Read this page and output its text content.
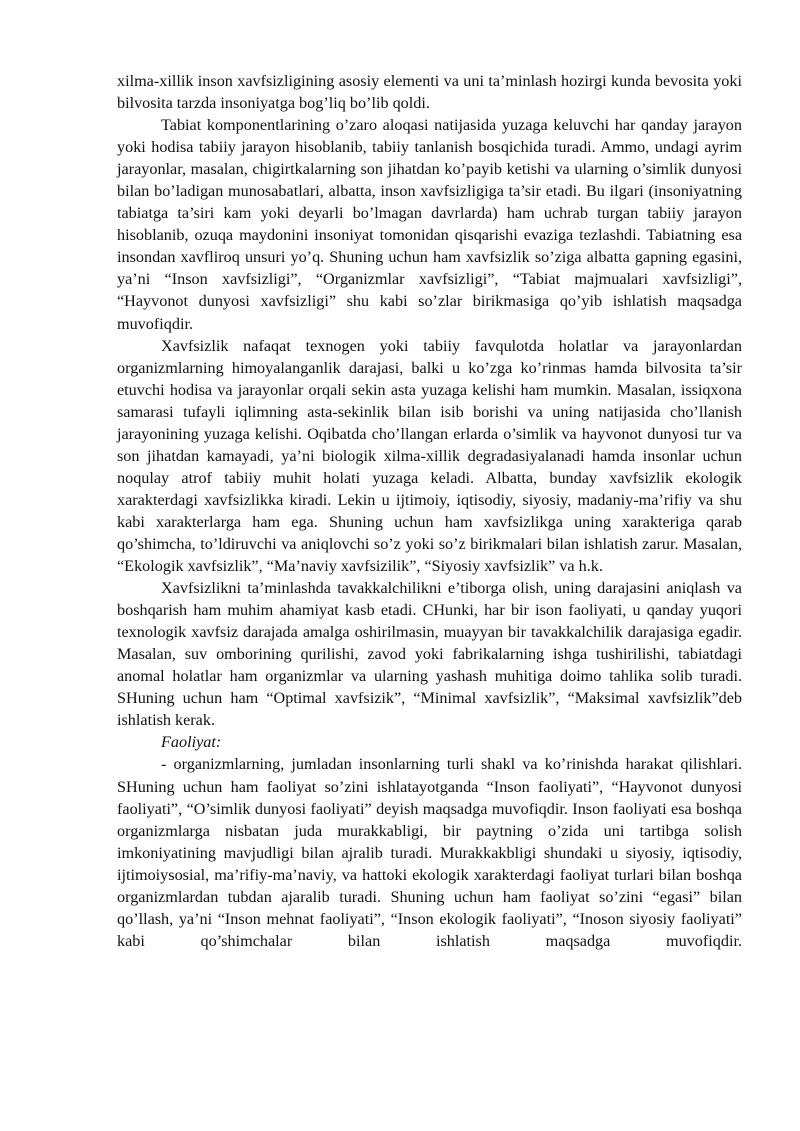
xilma-xillik inson xavfsizligining asosiy elementi va uni ta’minlash hozirgi kunda bevosita yoki bilvosita tarzda insoniyatga bog’liq bo’lib qoldi.

Tabiat komponentlarining o’zaro aloqasi natijasida yuzaga keluvchi har qanday jarayon yoki hodisa tabiiy jarayon hisoblanib, tabiiy tanlanish bosqichida turadi. Ammo, undagi ayrim jarayonlar, masalan, chigirtkalarning son jihatdan ko’payib ketishi va ularning o’simlik dunyosi bilan bo’ladigan munosabatlari, albatta, inson xavfsizligiga ta’sir etadi. Bu ilgari (insoniyatning tabiatga ta’siri kam yoki deyarli bo’lmagan davrlarda) ham uchrab turgan tabiiy jarayon hisoblanib, ozuqa maydonini insoniyat tomonidan qisqarishi evaziga tezlashdi. Tabiatning esa insondan xavfliroq unsuri yo’q. Shuning uchun ham xavfsizlik so’ziga albatta gapning egasini, ya’ni “Inson xavfsizligi”, “Organizmlar xavfsizligi”, “Tabiat majmualari xavfsizligi”, “Hayvonot dunyosi xavfsizligi” shu kabi so’zlar birikmasiga qo’yib ishlatish maqsadga muvofiqdir.

Xavfsizlik nafaqat texnogen yoki tabiiy favqulotda holatlar va jarayonlardan organizmlarning himoyalanganlik darajasi, balki u ko’zga ko’rinmas hamda bilvosita ta’sir etuvchi hodisa va jarayonlar orqali sekin asta yuzaga kelishi ham mumkin. Masalan, issiqxona samarasi tufayli iqlimning asta-sekinlik bilan isib borishi va uning natijasida cho’llanish jarayonining yuzaga kelishi. Oqibatda cho’llangan erlarda o’simlik va hayvonot dunyosi tur va son jihatdan kamayadi, ya’ni biologik xilma-xillik degradasiyalanadi hamda insonlar uchun noqulay atrof tabiiy muhit holati yuzaga keladi. Albatta, bunday xavfsizlik ekologik xarakterdagi xavfsizlikka kiradi. Lekin u ijtimoiy, iqtisodiy, siyosiy, madaniy-ma’rifiy va shu kabi xarakterlarga ham ega. Shuning uchun ham xavfsizlikga uning xarakteriga qarab qo’shimcha, to’ldiruvchi va aniqlovchi so’z yoki so’z birikmalari bilan ishlatish zarur. Masalan, “Ekologik xavfsizlik”, “Ma’naviy xavfsizilik”, “Siyosiy xavfsizlik” va h.k.

Xavfsizlikni ta’minlashda tavakkalchilikni e’tiborga olish, uning darajasini aniqlash va boshqarish ham muhim ahamiyat kasb etadi. CHunki, har bir ison faoliyati, u qanday yuqori texnologik xavfsiz darajada amalga oshirilmasin, muayyan bir tavakkalchilik darajasiga egadir. Masalan, suv omborining qurilishi, zavod yoki fabrikalarning ishga tushirilishi, tabiatdagi anomal holatlar ham organizmlar va ularning yashash muhitiga doimo tahlika solib turadi. SHuning uchun ham “Optimal xavfsizik”, “Minimal xavfsizlik”, “Maksimal xavfsizlik”deb ishlatish kerak.

Faoliyat:

- organizmlarning, jumladan insonlarning turli shakl va ko’rinishda harakat qilishlari. SHuning uchun ham faoliyat so’zini ishlatayotganda “Inson faoliyati”, “Hayvonot dunyosi faoliyati”, “O’simlik dunyosi faoliyati” deyish maqsadga muvofiqdir. Inson faoliyati esa boshqa organizmlarga nisbatan juda murakkabligi, bir paytning o’zida uni tartibga solish imkoniyatining mavjudligi bilan ajralib turadi. Murakkakbligi shundaki u siyosiy, iqtisodiy, ijtimoiysosial, ma’rifiy-ma’naviy, va hattoki ekologik xarakterdagi faoliyat turlari bilan boshqa organizmlardan tubdan ajaralib turadi. Shuning uchun ham faoliyat so’zini “egasi” bilan qo’llash, ya’ni “Inson mehnat faoliyati”, “Inson ekologik faoliyati”, “Inoson siyosiy faoliyati” kabi qo’shimchalar bilan ishlatish maqsadga muvofiqdir.
